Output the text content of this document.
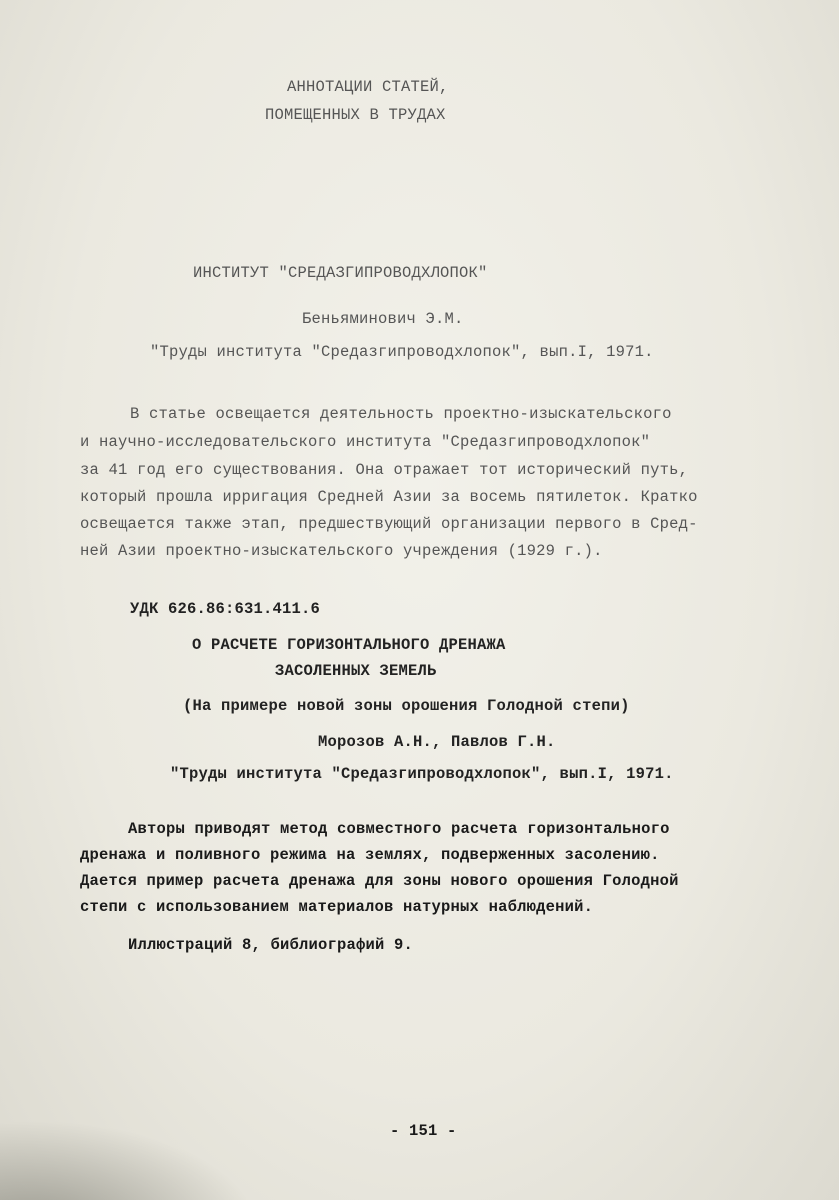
АННОТАЦИИ СТАТЕЙ,
ПОМЕЩЕННЫХ В ТРУДАХ
ИНСТИТУТ "СРЕДАЗГИПРОВОДХЛОПОК"
Беньяминович Э.М.
"Труды института "Средазгипроводхлопок", вып.I, 1971.
В статье освещается деятельность проектно-изыскательского
и научно-исследовательского института "Средазгипроводхлопок"
за 41 год его существования. Она отражает тот исторический путь,
который прошла ирригация Средней Азии за восемь пятилеток. Кратко
освещается также этап, предшествующий организации первого в Сред-
ней Азии проектно-изыскательского учреждения (1929 г.).
УДК 626.86:631.411.6
О РАСЧЕТЕ ГОРИЗОНТАЛЬНОГО ДРЕНАЖА
ЗАСОЛЕННЫХ ЗЕМЕЛЬ
(На примере новой зоны орошения Голодной степи)
Морозов А.Н., Павлов Г.Н.
"Труды института "Средазгипроводхлопок", вып.I, 1971.
Авторы приводят метод совместного расчета горизонтального
дренажа и поливного режима на землях, подверженных засолению.
Дается пример расчета дренажа для зоны нового орошения Голодной
степи с использованием материалов натурных наблюдений.
Иллюстраций 8, библиографий 9.
- 151 -
